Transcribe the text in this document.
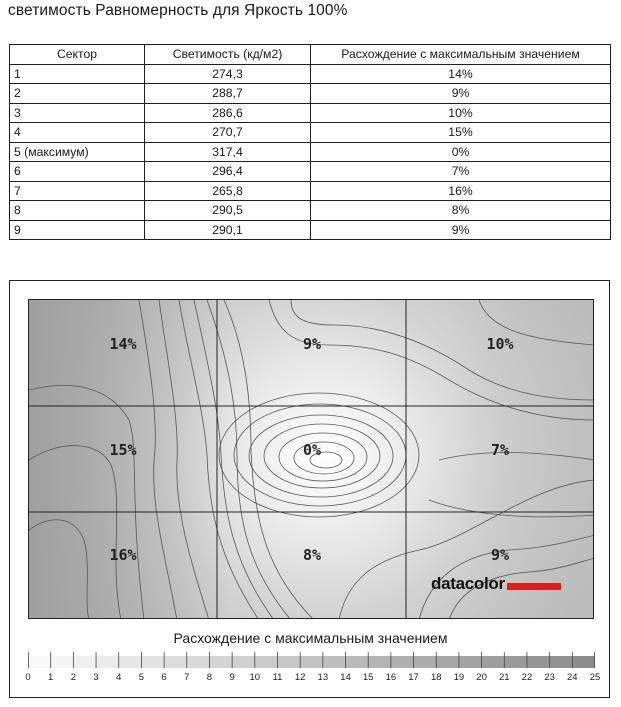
светимость Равномерность для Яркость 100%
Сектор	Светимость (кд/м2)	Расхождение с максимальным значением
1	274,3	14%
2	288,7	9%
3	286,6	10%
4	270,7	15%
5 (максимум)	317,4	0%
6	296,4	7%
7	265,8	16%
8	290,5	8%
9	290,1	9%
14%	9%	10%
15%	0%	7%
16%	8%	9%
datacolor
Расхождение с максимальным значением
0 1 2 3 4 5 6 7 8 9 10 11 12 13 14 15 16 17 18 19 20 21 22 23 24 25
